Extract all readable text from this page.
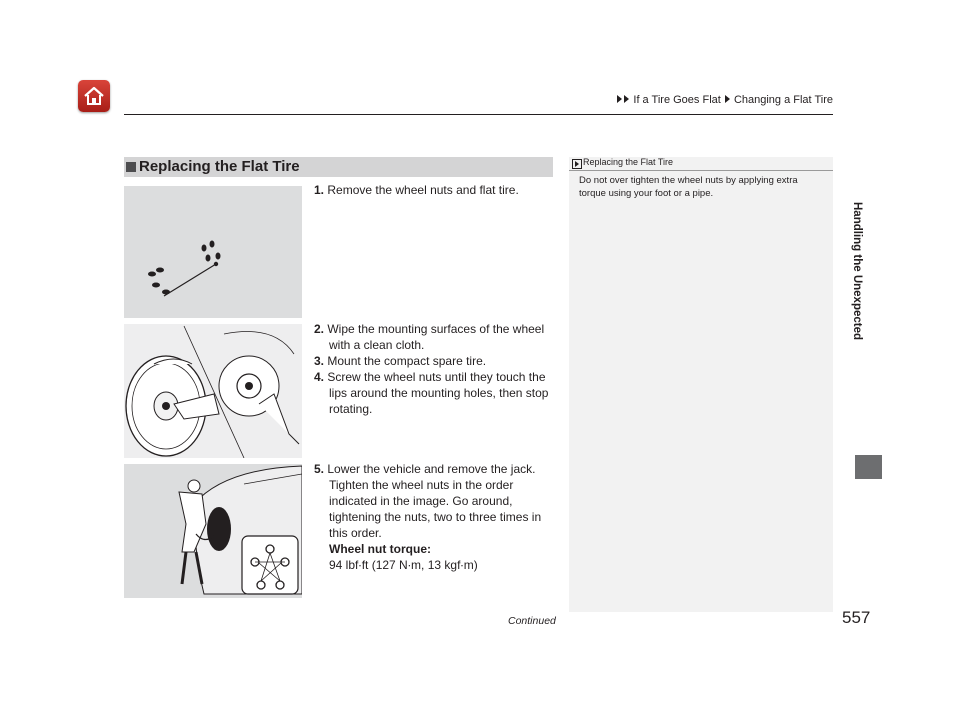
If a Tire Goes Flat Changing a Flat Tire
Handling the Unexpected
Replacing the Flat Tire

1. Remove the wheel nuts and flat tire.

2. Wipe the mounting surfaces of the wheel with a clean cloth.

3. Mount the compact spare tire.

4. Screw the wheel nuts until they touch the lips around the mounting holes, then stop rotating.

5. Lower the vehicle and remove the jack. Tighten the wheel nuts in the order indicated in the image. Go around, tightening the nuts, two to three times in this order.

Wheel nut torque:
94 lbf∙ft (127 N∙m, 13 kgf∙m)

Replacing the Flat Tire
Do not over tighten the wheel nuts by applying extra torque using your foot or a pipe.
Continued	557
